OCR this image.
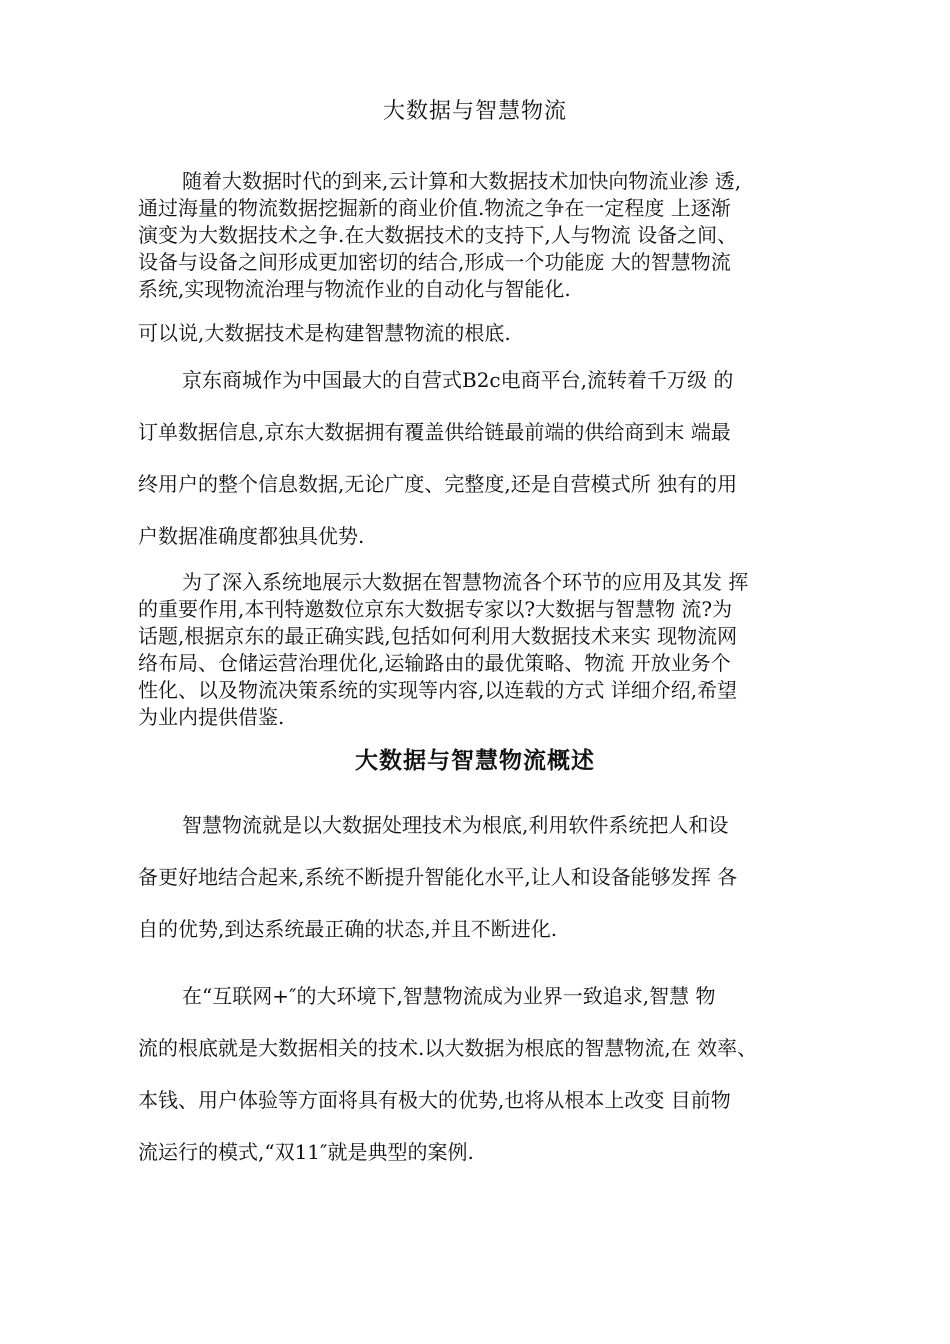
大数据与智慧物流
随着大数据时代的到来,云计算和大数据技术加快向物流业渗 透,
通过海量的物流数据挖掘新的商业价值.物流之争在一定程度 上逐渐
演变为大数据技术之争.在大数据技术的支持下,人与物流 设备之间、
设备与设备之间形成更加密切的结合,形成一个功能庞 大的智慧物流
系统,实现物流治理与物流作业的自动化与智能化.
可以说,大数据技术是构建智慧物流的根底.
京东商城作为中国最大的自营式B2c电商平台,流转着千万级 的
订单数据信息,京东大数据拥有覆盖供给链最前端的供给商到末 端最
终用户的整个信息数据,无论广度、完整度,还是自营模式所 独有的用
户数据准确度都独具优势.
为了深入系统地展示大数据在智慧物流各个环节的应用及其发 挥
的重要作用,本刊特邀数位京东大数据专家以?大数据与智慧物 流?为
话题,根据京东的最正确实践,包括如何利用大数据技术来实 现物流网
络布局、仓储运营治理优化,运输路由的最优策略、物流 开放业务个
性化、以及物流决策系统的实现等内容,以连载的方式 详细介绍,希望
为业内提供借鉴.
大数据与智慧物流概述
智慧物流就是以大数据处理技术为根底,利用软件系统把人和设
备更好地结合起来,系统不断提升智能化水平,让人和设备能够发挥 各
自的优势,到达系统最正确的状态,并且不断进化.
在“互联网+″的大环境下,智慧物流成为业界一致追求,智慧 物
流的根底就是大数据相关的技术.以大数据为根底的智慧物流,在 效率、
本钱、用户体验等方面将具有极大的优势,也将从根本上改变 目前物
流运行的模式,“双11″就是典型的案例.
